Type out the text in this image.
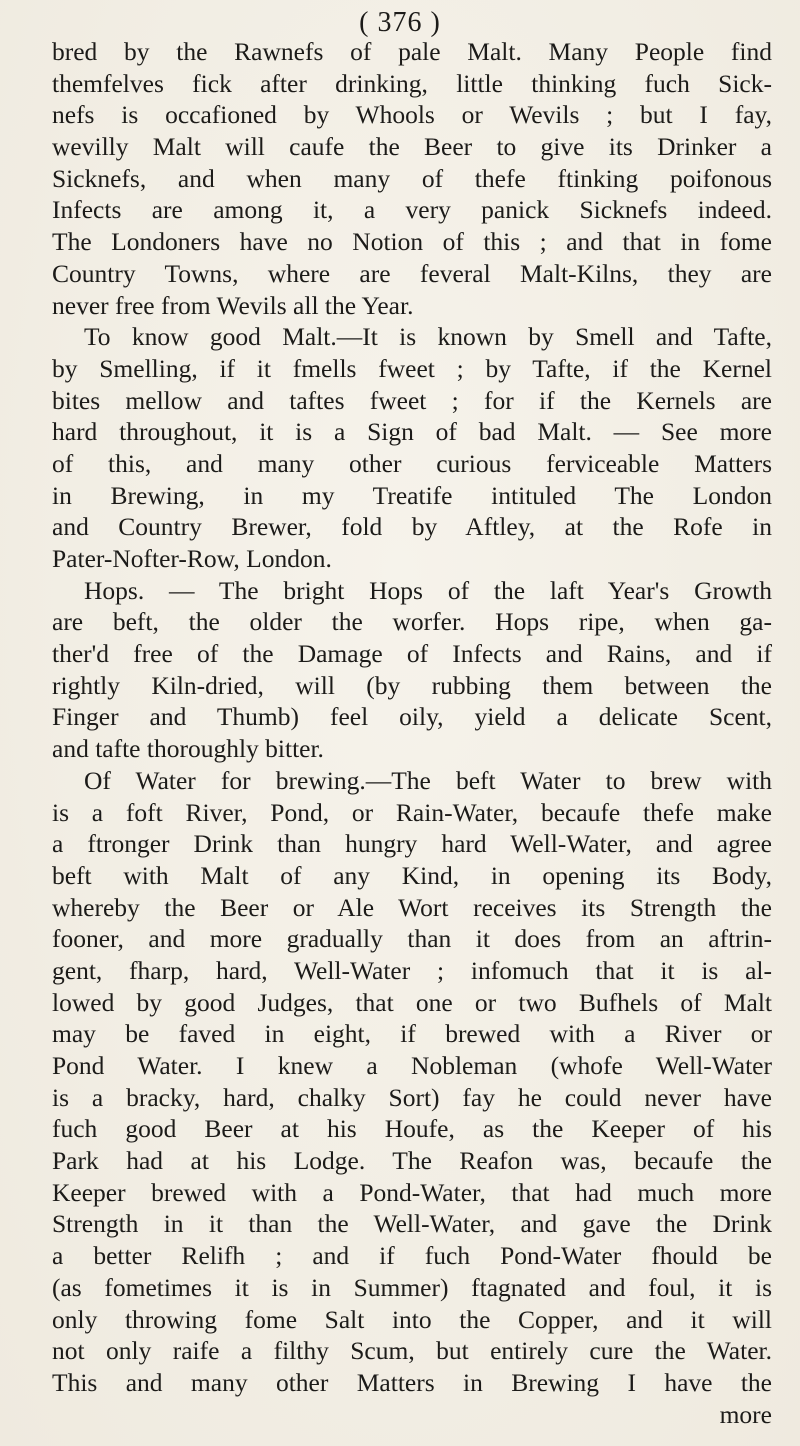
( 376 )
bred by the Rawnefs of pale Malt. Many People find
themfelves fick after drinking, little thinking fuch Sick-
nefs is occafioned by Whools or Wevils ; but I fay,
wevilly Malt will caufe the Beer to give its Drinker a
Sicknefs, and when many of thefe ftinking poifonous
Infects are among it, a very panick Sicknefs indeed.
The Londoners have no Notion of this ; and that in fome
Country Towns, where are feveral Malt-Kilns, they are
never free from Wevils all the Year.
To know good Malt.—It is known by Smell and Tafte,
by Smelling, if it fmells fweet ; by Tafte, if the Kernel
bites mellow and taftes fweet ; for if the Kernels are
hard throughout, it is a Sign of bad Malt. — See more
of this, and many other curious ferviceable Matters
in Brewing, in my Treatife intituled The London
and Country Brewer, fold by Aftley, at the Rofe in
Pater-Nofter-Row, London.
Hops. — The bright Hops of the laft Year's Growth
are beft, the older the worfer. Hops ripe, when ga-
ther'd free of the Damage of Infects and Rains, and if
rightly Kiln-dried, will (by rubbing them between the
Finger and Thumb) feel oily, yield a delicate Scent,
and tafte thoroughly bitter.
Of Water for brewing.—The beft Water to brew with
is a foft River, Pond, or Rain-Water, becaufe thefe make
a ftronger Drink than hungry hard Well-Water, and agree
beft with Malt of any Kind, in opening its Body,
whereby the Beer or Ale Wort receives its Strength the
fooner, and more gradually than it does from an aftrin-
gent, fharp, hard, Well-Water ; infomuch that it is al-
lowed by good Judges, that one or two Bufhels of Malt
may be faved in eight, if brewed with a River or
Pond Water. I knew a Nobleman (whofe Well-Water
is a bracky, hard, chalky Sort) fay he could never have
fuch good Beer at his Houfe, as the Keeper of his
Park had at his Lodge. The Reafon was, becaufe the
Keeper brewed with a Pond-Water, that had much more
Strength in it than the Well-Water, and gave the Drink
a better Relifh ; and if fuch Pond-Water fhould be
(as fometimes it is in Summer) ftagnated and foul, it is
only throwing fome Salt into the Copper, and it will
not only raife a filthy Scum, but entirely cure the Water.
This and many other Matters in Brewing I have the
more
